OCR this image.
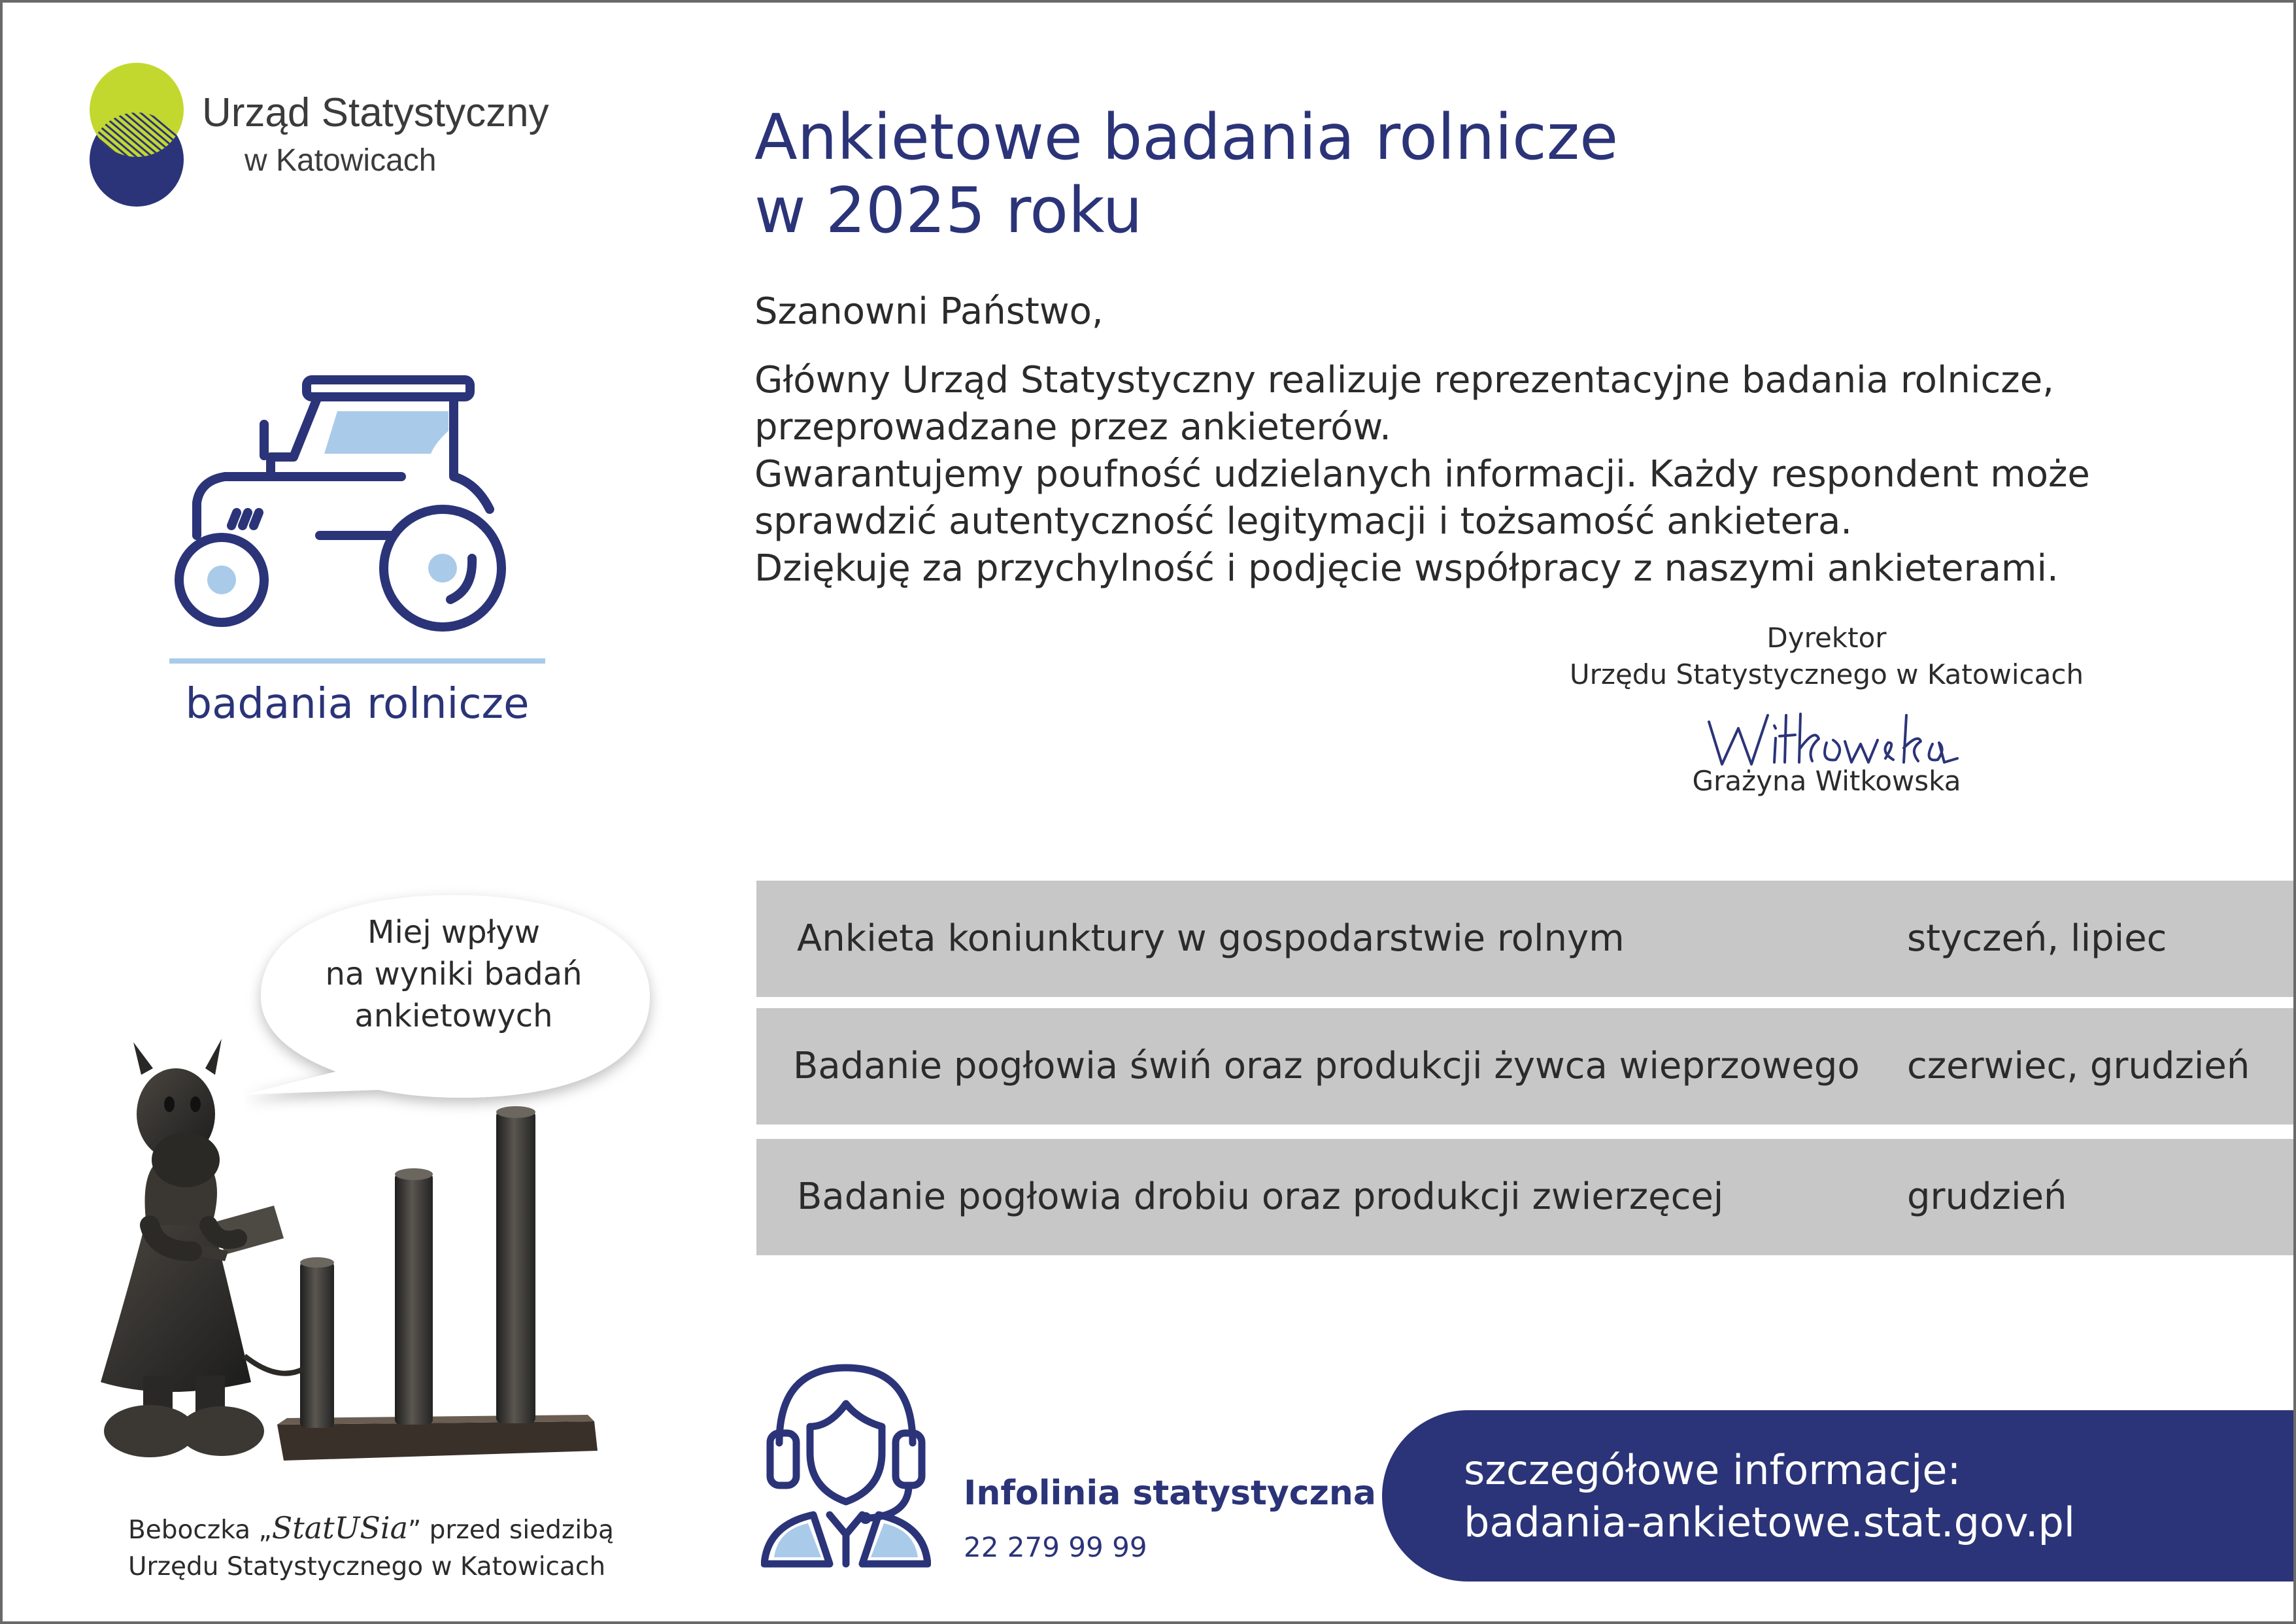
Urząd Statystyczny
w Katowicach	Ankietowe badania rolnicze
w 2025 roku
Szanowni Państwo,
Główny Urząd Statystyczny realizuje reprezentacyjne badania rolnicze,
przeprowadzane przez ankieterów.
Gwarantujemy poufność udzielanych informacji. Każdy respondent może
sprawdzić autentyczność legitymacji i tożsamość ankietera.
Dziękuję za przychylność i podjęcie współpracy z naszymi ankieterami.
Dyrektor
Urzędu Statystycznego w Katowicach
Grażyna Witkowska
badania rolnicze
Ankieta koniunktury w gospodarstwie rolnym	styczeń, lipiec
Badanie pogłowia świń oraz produkcji żywca wieprzowego czerwiec, grudzień
Badanie pogłowia drobiu oraz produkcji zwierzęcej	grudzień
Miej wpływ
na wyniki badań
ankietowych
Beboczka „StatUSia” przed siedzibą
Urzędu Statystycznego w Katowicach
Infolinia statystyczna
22 279 99 99
szczegółowe informacje:
badania-ankietowe.stat.gov.pl
